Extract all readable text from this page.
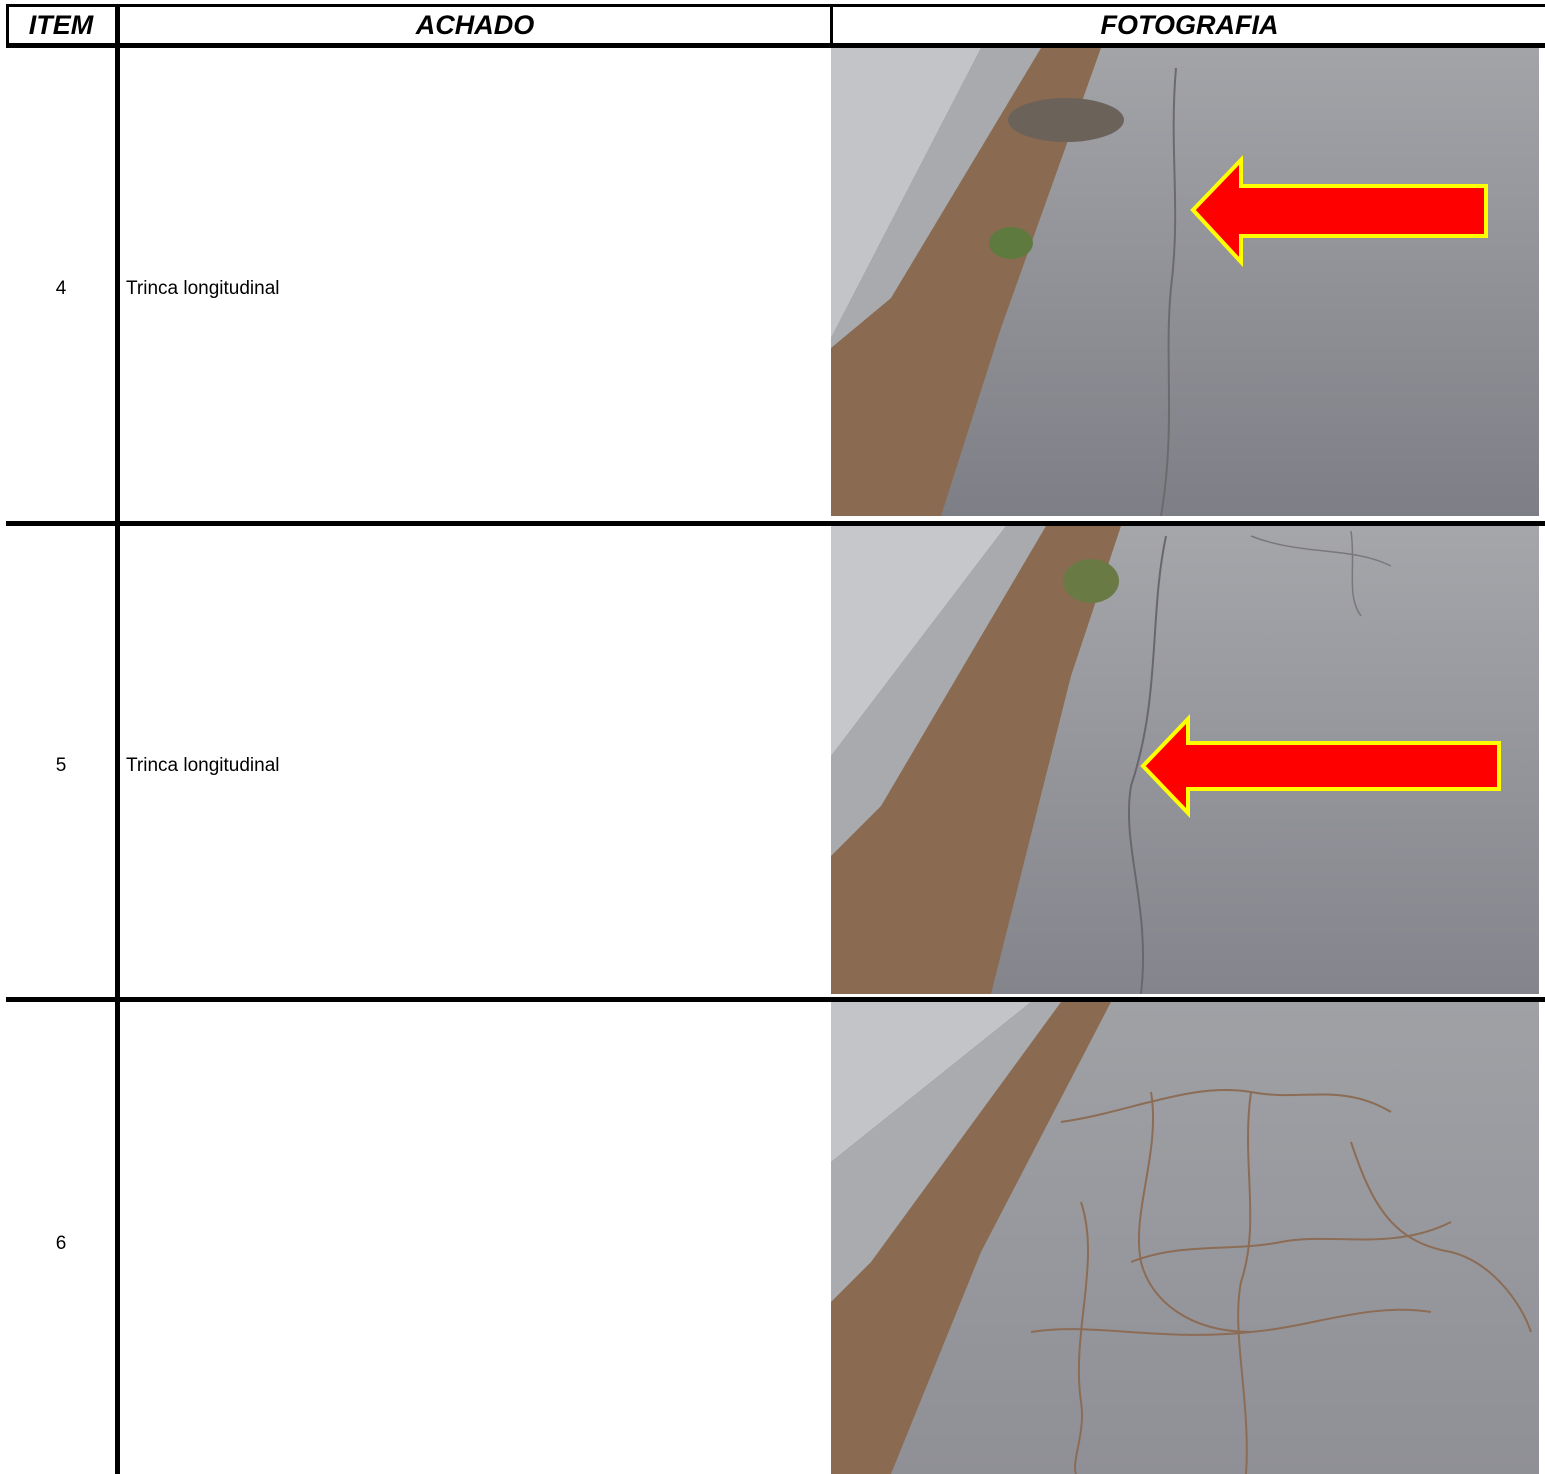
ITEM	ACHADO	FOTOGRAFIA
4	Trinca longitudinal
5	Trinca longitudinal
6
